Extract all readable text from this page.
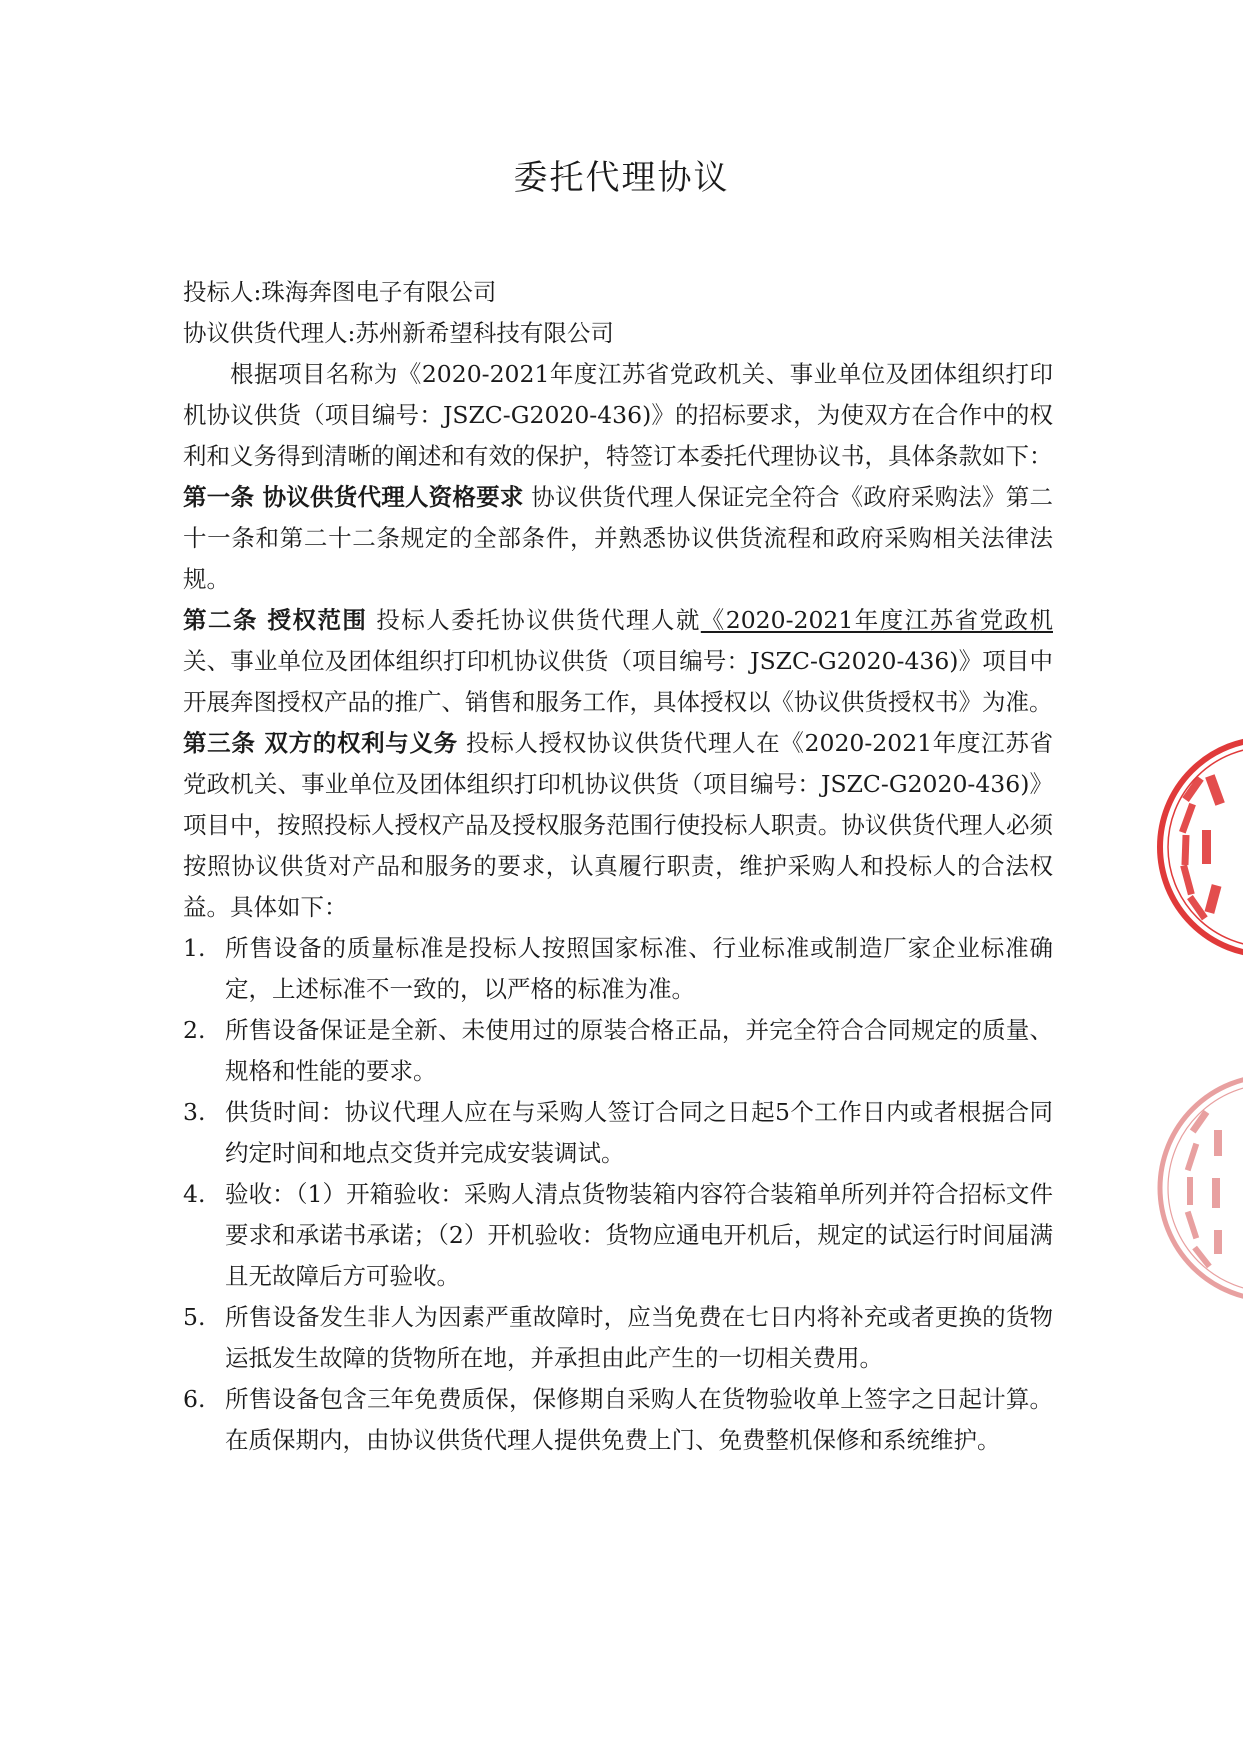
委托代理协议

投标人:珠海奔图电子有限公司

协议供货代理人:苏州新希望科技有限公司

根据项目名称为《2020-2021年度江苏省党政机关、事业单位及团体组织打印机协议供货（项目编号：JSZC-G2020-436)》的招标要求，为使双方在合作中的权利和义务得到清晰的阐述和有效的保护，特签订本委托代理协议书，具体条款如下：

第一条 协议供货代理人资格要求 协议供货代理人保证完全符合《政府采购法》第二十一条和第二十二条规定的全部条件，并熟悉协议供货流程和政府采购相关法律法规。

第二条 授权范围 投标人委托协议供货代理人就《2020-2021年度江苏省党政机关、事业单位及团体组织打印机协议供货（项目编号：JSZC-G2020-436)》项目中开展奔图授权产品的推广、销售和服务工作，具体授权以《协议供货授权书》为准。

第三条 双方的权利与义务 投标人授权协议供货代理人在《2020-2021年度江苏省党政机关、事业单位及团体组织打印机协议供货（项目编号：JSZC-G2020-436)》项目中，按照投标人授权产品及授权服务范围行使投标人职责。协议供货代理人必须按照协议供货对产品和服务的要求，认真履行职责，维护采购人和投标人的合法权益。具体如下：

1. 所售设备的质量标准是投标人按照国家标准、行业标准或制造厂家企业标准确定，上述标准不一致的，以严格的标准为准。
2. 所售设备保证是全新、未使用过的原装合格正品，并完全符合合同规定的质量、规格和性能的要求。
3. 供货时间：协议代理人应在与采购人签订合同之日起5个工作日内或者根据合同约定时间和地点交货并完成安装调试。
4. 验收：（1）开箱验收：采购人清点货物装箱内容符合装箱单所列并符合招标文件要求和承诺书承诺；（2）开机验收：货物应通电开机后，规定的试运行时间届满且无故障后方可验收。
5. 所售设备发生非人为因素严重故障时，应当免费在七日内将补充或者更换的货物运抵发生故障的货物所在地，并承担由此产生的一切相关费用。
6. 所售设备包含三年免费质保，保修期自采购人在货物验收单上签字之日起计算。在质保期内，由协议供货代理人提供免费上门、免费整机保修和系统维护。
